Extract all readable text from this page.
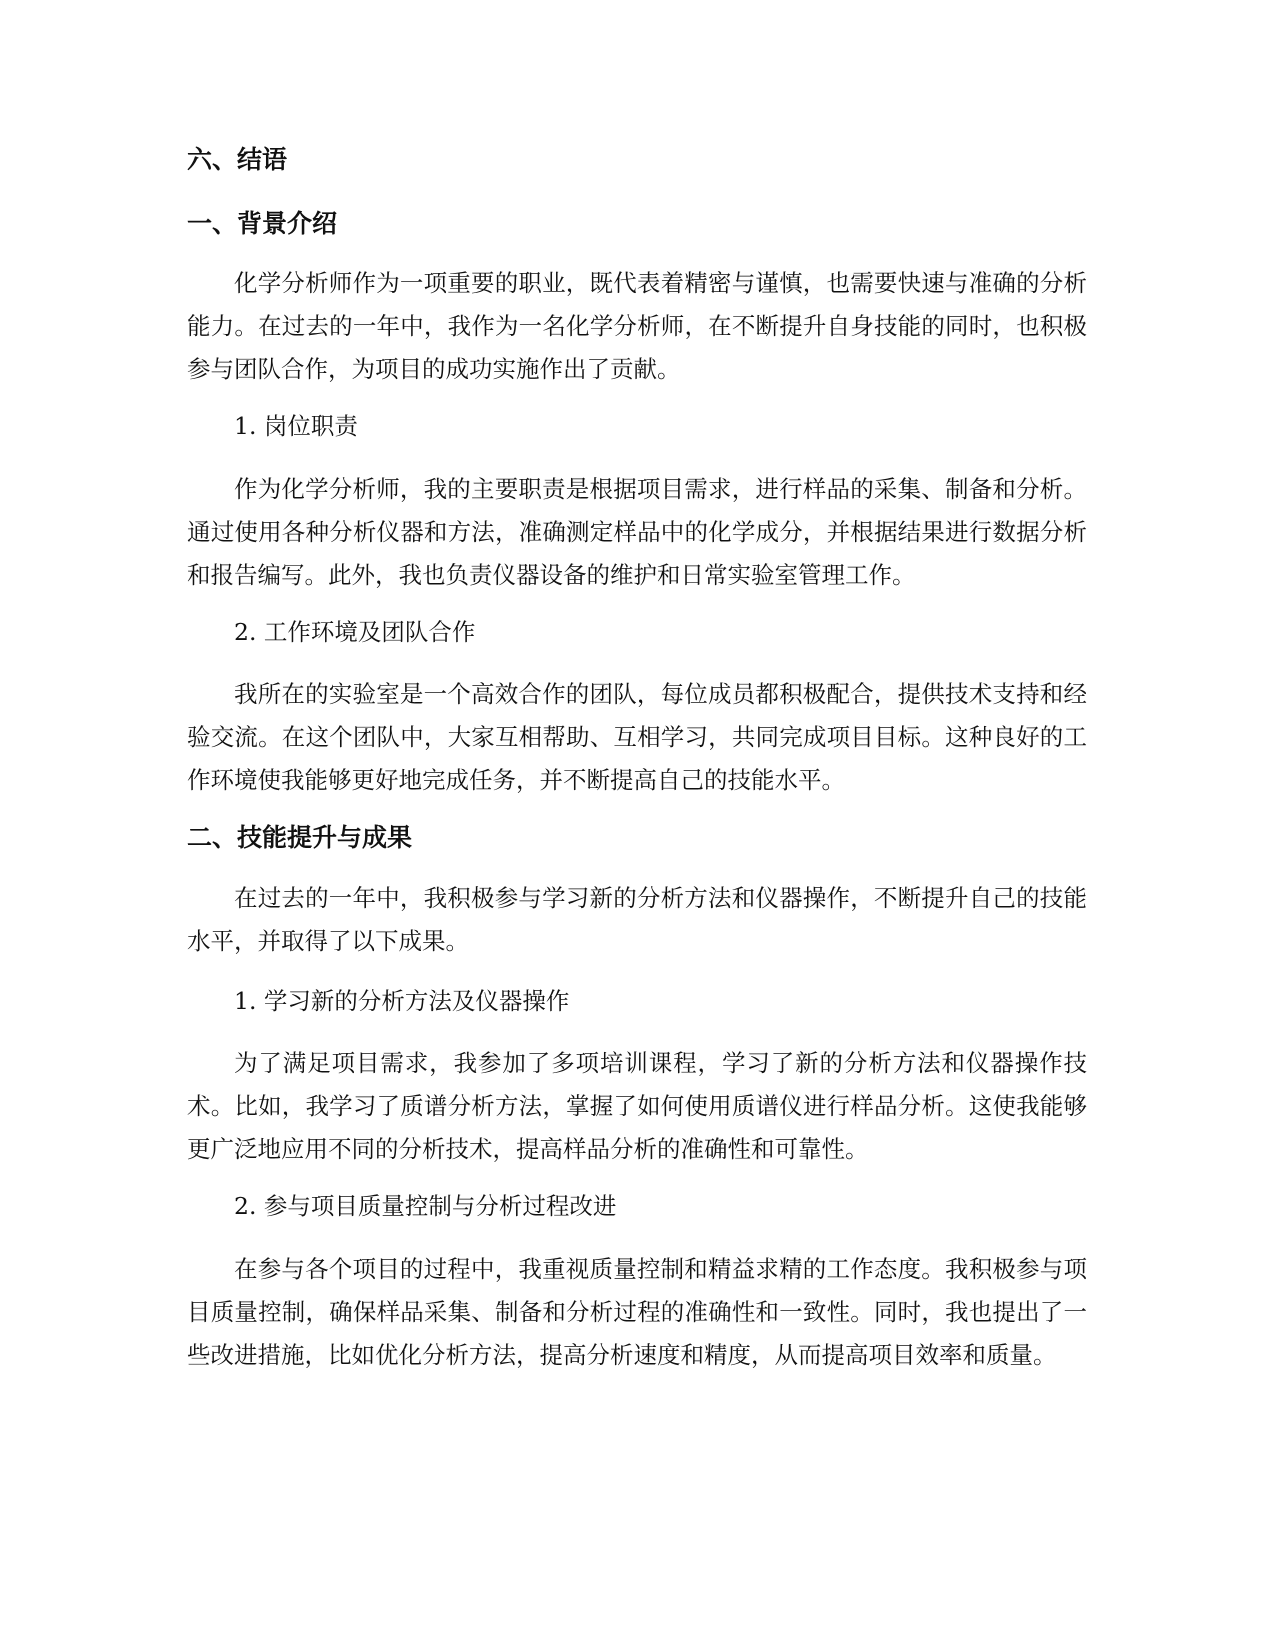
六、结语
一、背景介绍

化学分析师作为一项重要的职业，既代表着精密与谨慎，也需要快速与准确的分析能力。在过去的一年中，我作为一名化学分析师，在不断提升自身技能的同时，也积极参与团队合作，为项目的成功实施作出了贡献。

1. 岗位职责

作为化学分析师，我的主要职责是根据项目需求，进行样品的采集、制备和分析。通过使用各种分析仪器和方法，准确测定样品中的化学成分，并根据结果进行数据分析和报告编写。此外，我也负责仪器设备的维护和日常实验室管理工作。

2. 工作环境及团队合作

我所在的实验室是一个高效合作的团队，每位成员都积极配合，提供技术支持和经验交流。在这个团队中，大家互相帮助、互相学习，共同完成项目目标。这种良好的工作环境使我能够更好地完成任务，并不断提高自己的技能水平。

二、技能提升与成果

在过去的一年中，我积极参与学习新的分析方法和仪器操作，不断提升自己的技能水平，并取得了以下成果。

1. 学习新的分析方法及仪器操作

为了满足项目需求，我参加了多项培训课程，学习了新的分析方法和仪器操作技术。比如，我学习了质谱分析方法，掌握了如何使用质谱仪进行样品分析。这使我能够更广泛地应用不同的分析技术，提高样品分析的准确性和可靠性。

2. 参与项目质量控制与分析过程改进

在参与各个项目的过程中，我重视质量控制和精益求精的工作态度。我积极参与项目质量控制，确保样品采集、制备和分析过程的准确性和一致性。同时，我也提出了一些改进措施，比如优化分析方法，提高分析速度和精度，从而提高项目效率和质量。
